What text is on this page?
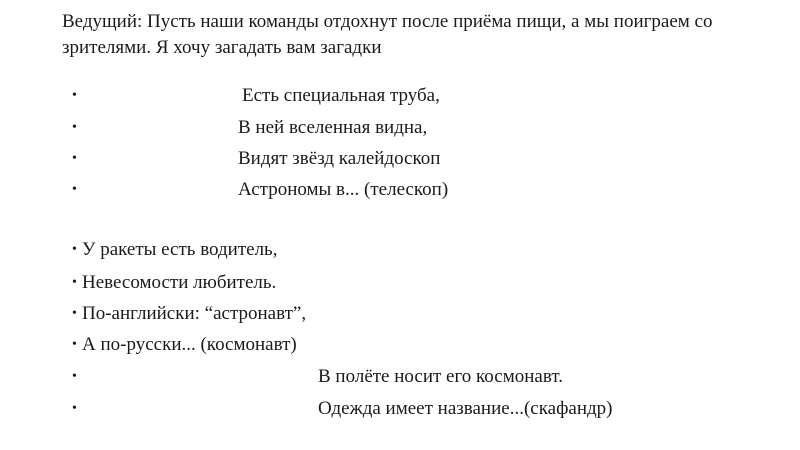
Ведущий: Пусть наши команды отдохнут после приёма пищи, а мы поиграем со зрителями. Я хочу загадать вам загадки
•	Есть специальная труба,
•	В ней вселенная видна,
•	Видят звёзд калейдоскоп
•	Астрономы в... (телескоп)
• У ракеты есть водитель,
• Невесомости любитель.
• По-английски: “астронавт”,
• А по-русски... (космонавт)
•	В полёте носит его космонавт.
•	Одежда имеет название...(скафандр)
